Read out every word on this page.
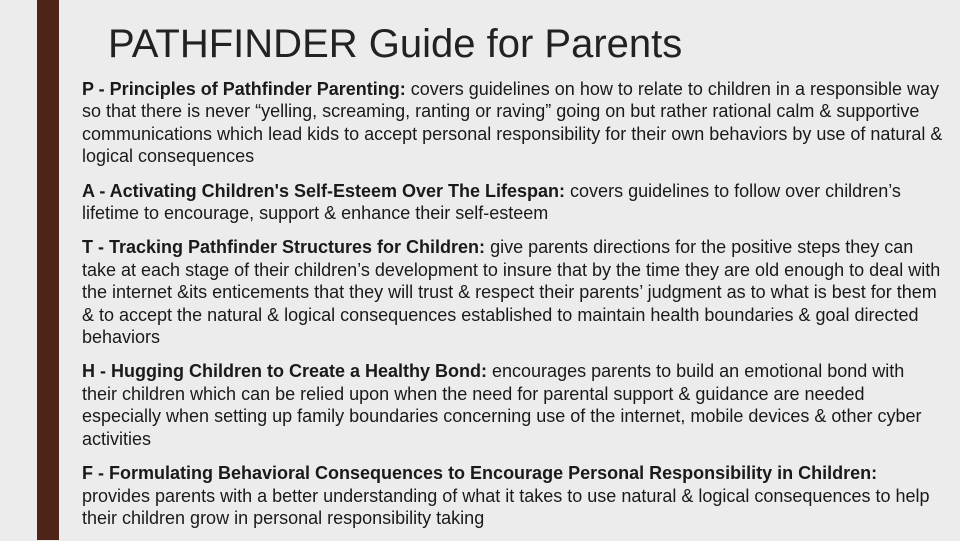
PATHFINDER Guide for Parents

P - Principles of Pathfinder Parenting: covers guidelines on how to relate to children in a responsible way so that there is never “yelling, screaming, ranting or raving” going on but rather rational calm & supportive communications which lead kids to accept personal responsibility for their own behaviors by use of natural & logical consequences

A - Activating Children's Self-Esteem Over The Lifespan: covers guidelines to follow over children’s lifetime to encourage, support & enhance their self-esteem

T - Tracking Pathfinder Structures for Children: give parents directions for the positive steps they can take at each stage of their children’s development to insure that by the time they are old enough to deal with the internet &its enticements that they will trust & respect their parents’ judgment as to what is best for them & to accept the natural & logical consequences established to maintain health boundaries & goal directed behaviors

H - Hugging Children to Create a Healthy Bond: encourages parents to build an emotional bond with their children which can be relied upon when the need for parental support & guidance are needed especially when setting up family boundaries concerning use of the internet, mobile devices & other cyber activities

F - Formulating Behavioral Consequences to Encourage Personal Responsibility in Children: provides parents with a better understanding of what it takes to use natural & logical consequences to help their children grow in personal responsibility taking
